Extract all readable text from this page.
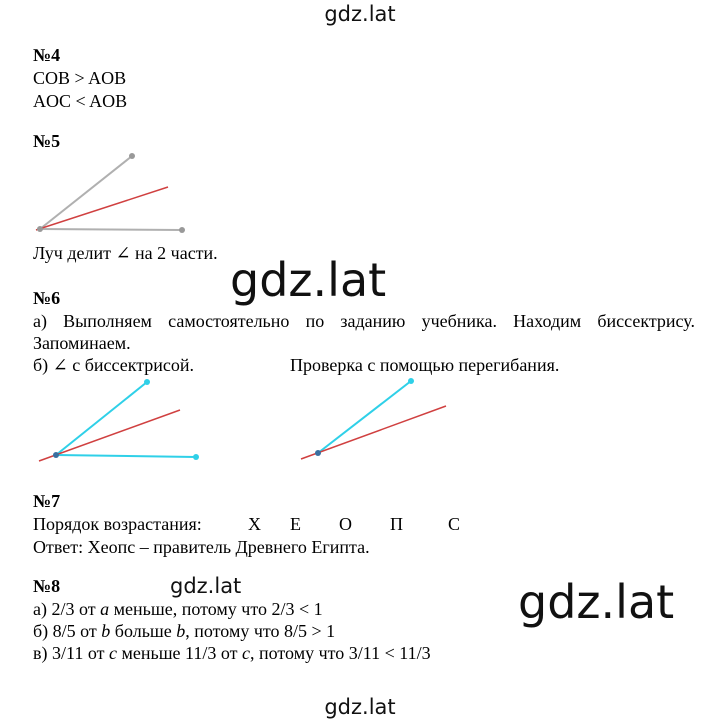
gdz.lat
gdz.lat
gdz.lat	gdz.lat
gdz.lat
№4
COB > AOB
AOC < AOB
№5
Луч делит ∠ на 2 части.
№6
а) Выполняем самостоятельно по заданию учебника. Находим биссектрису.
Запоминаем.
б) ∠ с биссектрисой.	Проверка с помощью перегибания.
№7
Порядок возрастания:	Х Е О П	С
Ответ: Хеопс – правитель Древнего Египта.
№8
а) 2/3 от a меньше, потому что 2/3 < 1
б) 8/5 от b больше b, потому что 8/5 > 1
в) 3/11 от c меньше 11/3 от c, потому что 3/11 < 11/3
